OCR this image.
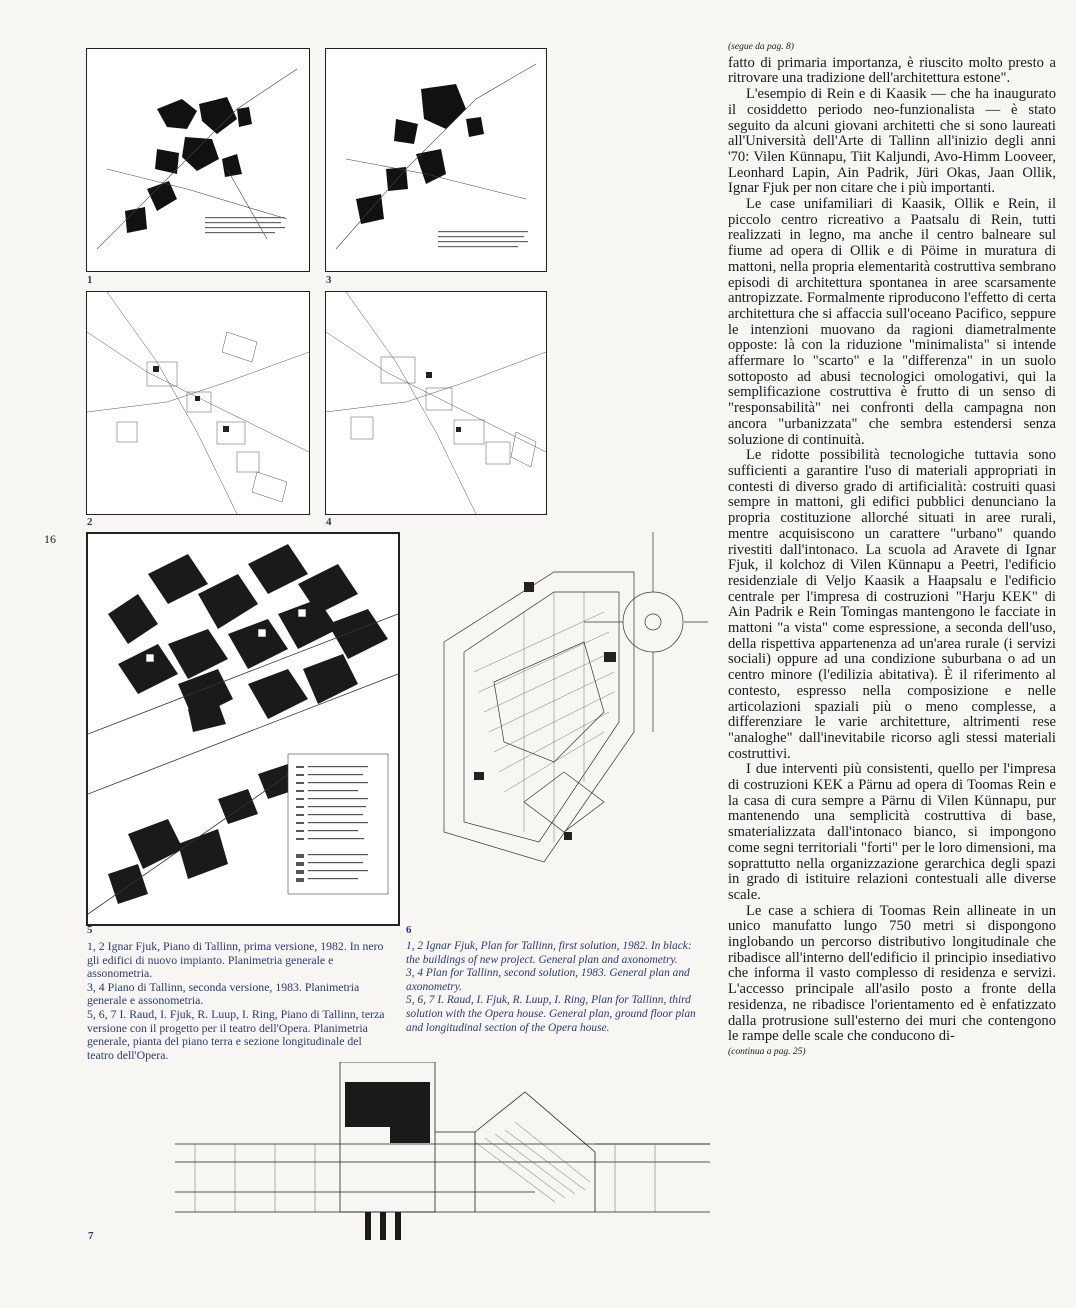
1	3
2	4
16
5	6

1, 2 Ignar Fjuk, Piano di Tallinn, prima versione, 1982. In nero gli edifici di nuovo impianto. Planimetria generale e assonometria.

3, 4 Piano di Tallinn, seconda versione, 1983. Planimetria generale e assonometria.

5, 6, 7 I. Raud, I. Fjuk, R. Luup, I. Ring, Piano di Tallinn, terza versione con il progetto per il teatro dell'Opera. Planimetria generale, pianta del piano terra e sezione longitudinale del teatro dell'Opera.

1, 2 Ignar Fjuk, Plan for Tallinn, first solution, 1982. In black: the buildings of new project. General plan and axonometry.

3, 4 Plan for Tallinn, second solution, 1983. General plan and axonometry.

5, 6, 7 I. Raud, I. Fjuk, R. Luup, I. Ring, Plan for Tallinn, third solution with the Opera house. General plan, ground floor plan and longitudinal section of the Opera house.

7
(segue da pag. 8)

fatto di primaria importanza, è riuscito molto presto a ritrovare una tradizione dell'architettura estone".

L'esempio di Rein e di Kaasik — che ha inaugurato il cosiddetto periodo neo-funzionalista — è stato seguito da alcuni giovani architetti che si sono laureati all'Università dell'Arte di Tallinn all'inizio degli anni '70: Vilen Künnapu, Tiit Kaljundi, Avo-Himm Looveer, Leonhard Lapin, Ain Padrik, Jüri Okas, Jaan Ollik, Ignar Fjuk per non citare che i più importanti.

Le case unifamiliari di Kaasik, Ollik e Rein, il piccolo centro ricreativo a Paatsalu di Rein, tutti realizzati in legno, ma anche il centro balneare sul fiume ad opera di Ollik e di Pöime in muratura di mattoni, nella propria elementarità costruttiva sembrano episodi di architettura spontanea in aree scarsamente antropizzate. Formalmente riproducono l'effetto di certa architettura che si affaccia sull'oceano Pacifico, seppure le intenzioni muovano da ragioni diametralmente opposte: là con la riduzione "minimalista" si intende affermare lo "scarto" e la "differenza" in un suolo sottoposto ad abusi tecnologici omologativi, qui la semplificazione costruttiva è frutto di un senso di "responsabilità" nei confronti della campagna non ancora "urbanizzata" che sembra estendersi senza soluzione di continuità.

Le ridotte possibilità tecnologiche tuttavia sono sufficienti a garantire l'uso di materiali appropriati in contesti di diverso grado di artificialità: costruiti quasi sempre in mattoni, gli edifici pubblici denunciano la propria costituzione allorché situati in aree rurali, mentre acquisiscono un carattere "urbano" quando rivestiti dall'intonaco. La scuola ad Aravete di Ignar Fjuk, il kolchoz di Vilen Künnapu a Peetri, l'edificio residenziale di Veljo Kaasik a Haapsalu e l'edificio centrale per l'impresa di costruzioni "Harju KEK" di Ain Padrik e Rein Tomingas mantengono le facciate in mattoni "a vista" come espressione, a seconda dell'uso, della rispettiva appartenenza ad un'area rurale (i servizi sociali) oppure ad una condizione suburbana o ad un centro minore (l'edilizia abitativa). È il riferimento al contesto, espresso nella composizione e nelle articolazioni spaziali più o meno complesse, a differenziare le varie architetture, altrimenti rese "analoghe" dall'inevitabile ricorso agli stessi materiali costruttivi.

I due interventi più consistenti, quello per l'impresa di costruzioni KEK a Pärnu ad opera di Toomas Rein e la casa di cura sempre a Pärnu di Vilen Künnapu, pur mantenendo una semplicità costruttiva di base, smaterializzata dall'intonaco bianco, si impongono come segni territoriali "forti" per le loro dimensioni, ma soprattutto nella organizzazione gerarchica degli spazi in grado di istituire relazioni contestuali alle diverse scale.

Le case a schiera di Toomas Rein allineate in un unico manufatto lungo 750 metri si dispongono inglobando un percorso distributivo longitudinale che ribadisce all'interno dell'edificio il principio insediativo che informa il vasto complesso di residenza e servizi. L'accesso principale all'asilo posto a fronte della residenza, ne ribadisce l'orientamento ed è enfatizzato dalla protrusione sull'esterno dei muri che contengono le rampe delle scale che conducono di-

(continua a pag. 25)
